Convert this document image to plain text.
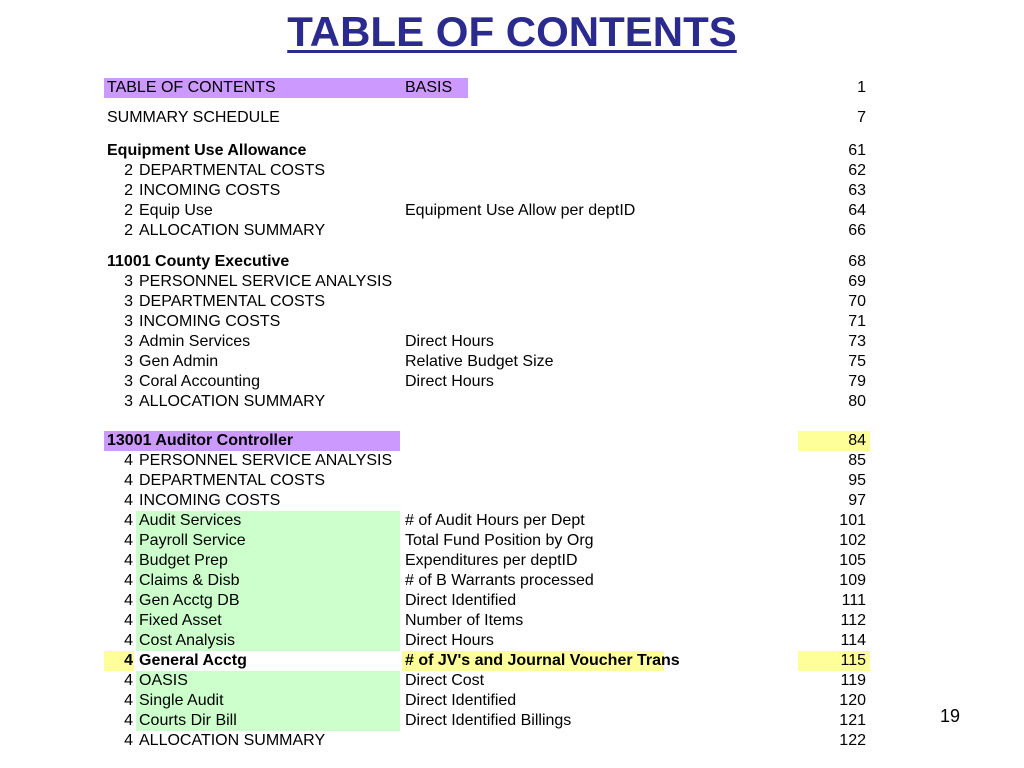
TABLE OF CONTENTS
TABLE OF CONTENTS	BASIS	1
SUMMARY SCHEDULE	7
Equipment Use Allowance	61
2 DEPARTMENTAL COSTS	62
2 INCOMING COSTS	63
2 Equip Use	Equipment Use Allow per deptID	64
2 ALLOCATION SUMMARY	66
11001 County Executive	68
3 PERSONNEL SERVICE ANALYSIS	69
3 DEPARTMENTAL COSTS	70
3 INCOMING COSTS	71
3 Admin Services	Direct Hours	73
3 Gen Admin	Relative Budget Size	75
3 Coral Accounting	Direct Hours	79
3 ALLOCATION SUMMARY	80
13001 Auditor Controller	84
4 PERSONNEL SERVICE ANALYSIS	85
4 DEPARTMENTAL COSTS	95
4 INCOMING COSTS	97
4 Audit Services	# of Audit Hours per Dept	101
4 Payroll Service	Total Fund Position by Org	102
4 Budget Prep	Expenditures per deptID	105
4 Claims & Disb	# of B Warrants processed	109
4 Gen Acctg DB	Direct Identified	111
4 Fixed Asset	Number of Items	112
4 Cost Analysis	Direct Hours	114
4 General Acctg	# of JV's and Journal Voucher Trans	115
4 OASIS	Direct Cost	119
4 Single Audit	Direct Identified	120
4 Courts Dir Bill	Direct Identified Billings	121
4 ALLOCATION SUMMARY	122
19
